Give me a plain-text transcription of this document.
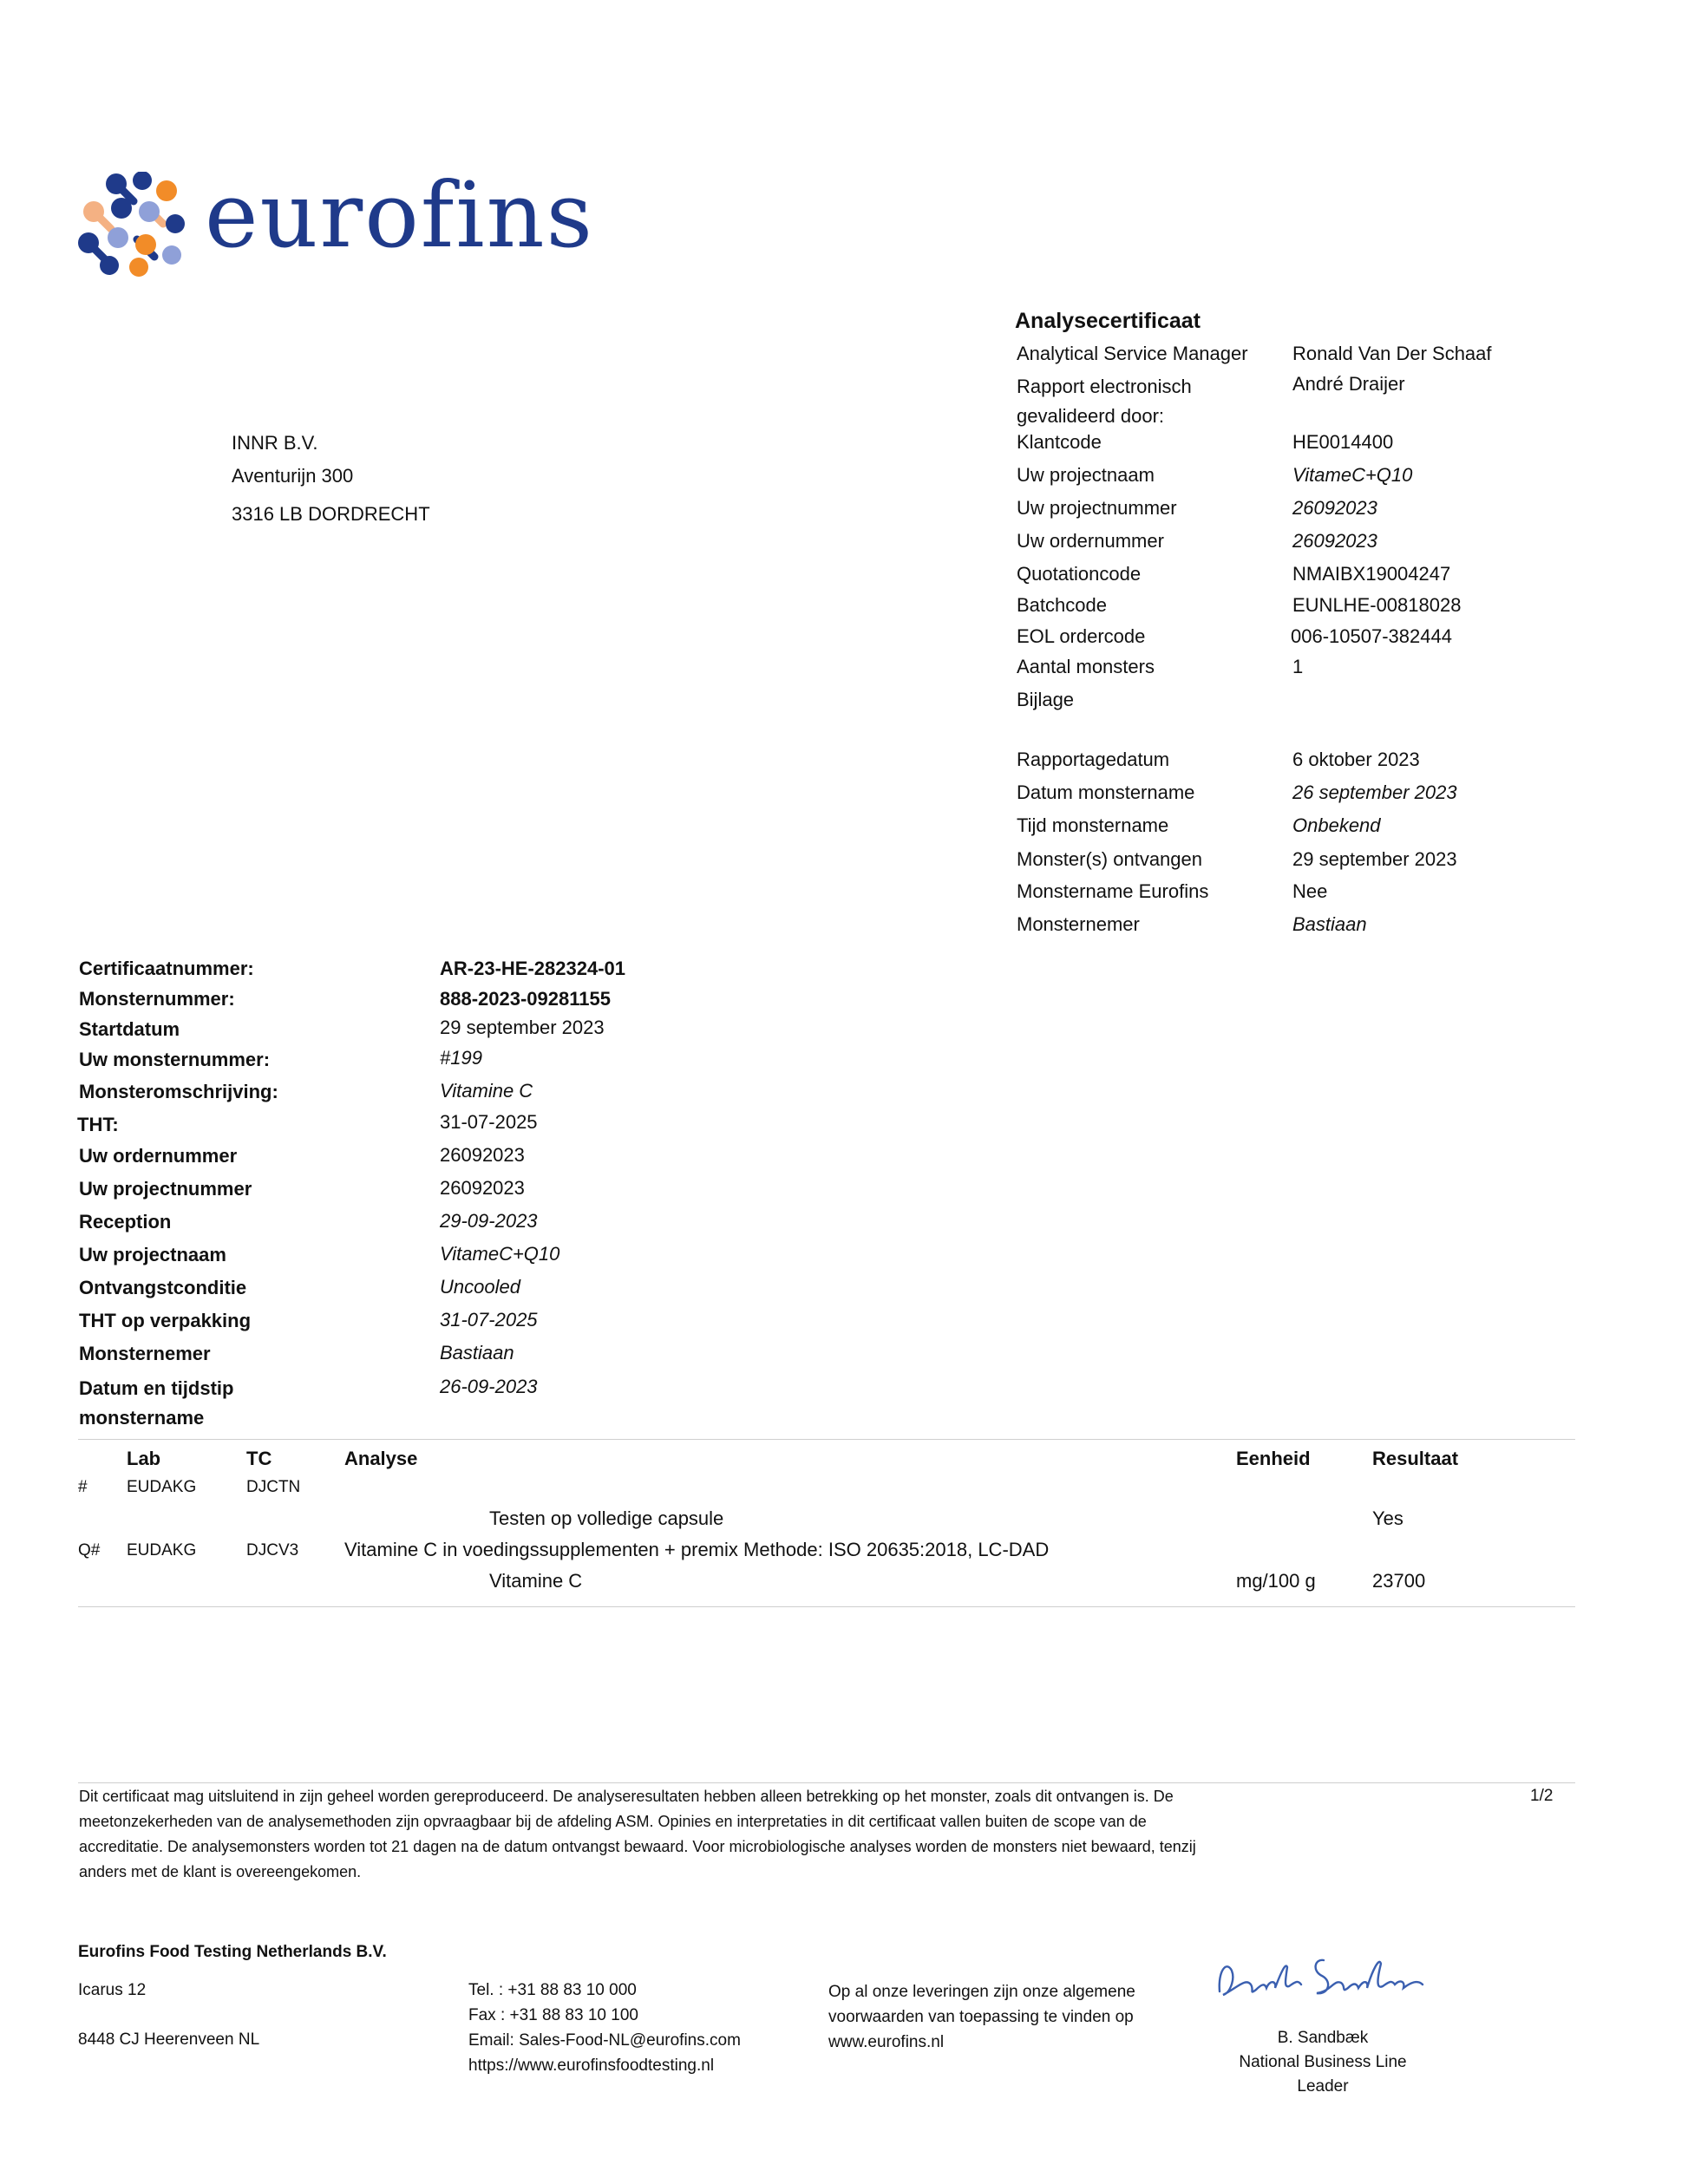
eurofins
Analysecertificaat
Analytical Service Manager Ronald Van Der Schaaf
Rapport electronisch
gevalideerd door:
André Draijer
Klantcode	HE0014400
Uw projectnaam	VitameC+Q10
Uw projectnummer	26092023
Uw ordernummer	26092023
Quotationcode	NMAIBX19004247
Batchcode	EUNLHE-00818028
EOL ordercode	006-10507-382444
Aantal monsters	1
Bijlage
Rapportagedatum	6 oktober 2023
Datum monstername	26 september 2023
Tijd monstername	Onbekend
Monster(s) ontvangen	29 september 2023
Monstername Eurofins	Nee
Monsternemer	Bastiaan
INNR B.V.
Aventurijn 300
3316 LB DORDRECHT
Certificaatnummer:	AR-23-HE-282324-01
Monsternummer:	888-2023-09281155
Startdatum	29 september 2023
Uw monsternummer:	#199
Monsteromschrijving:	Vitamine C
THT:	31-07-2025
Uw ordernummer	26092023
Uw projectnummer	26092023
Reception	29-09-2023
Uw projectnaam	VitameC+Q10
Ontvangstconditie	Uncooled
THT op verpakking	31-07-2025
Monsternemer	Bastiaan
Datum en tijdstip
monstername
26-09-2023
Lab	TC	Analyse	Eenheid	Resultaat
# EUDAKG	DJCTN
Testen op volledige capsule	Yes
Q# EUDAKG	DJCV3 Vitamine C in voedingssupplementen + premix Methode: ISO 20635:2018, LC-DAD
Vitamine C	mg/100 g	23700
Dit certificaat mag uitsluitend in zijn geheel worden gereproduceerd. De analyseresultaten hebben alleen betrekking op het monster, zoals dit ontvangen is. De
meetonzekerheden van de analysemethoden zijn opvraagbaar bij de afdeling ASM. Opinies en interpretaties in dit certificaat vallen buiten de scope van de
accreditatie. De analysemonsters worden tot 21 dagen na de datum ontvangst bewaard. Voor microbiologische analyses worden de monsters niet bewaard, tenzij
anders met de klant is overeengekomen.
1/2
Eurofins Food Testing Netherlands B.V.
Icarus 12
8448 CJ Heerenveen NL
Tel. : +31 88 83 10 000
Fax : +31 88 83 10 100
Email: Sales-Food-NL@eurofins.com
https://www.eurofinsfoodtesting.nl
Op al onze leveringen zijn onze algemene
voorwaarden van toepassing te vinden op
www.eurofins.nl	B. Sandbæk
National Business Line
Leader
